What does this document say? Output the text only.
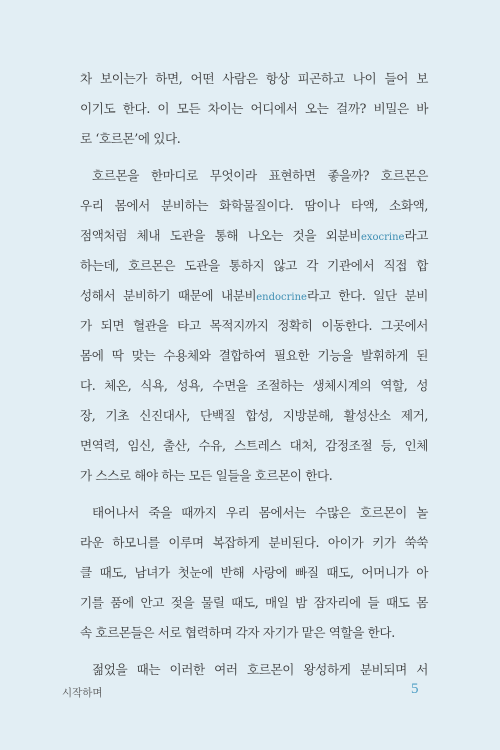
차 보이는가 하면, 어떤 사람은 항상 피곤하고 나이 들어 보
이기도 한다. 이 모든 차이는 어디에서 오는 걸까? 비밀은 바
로 ‘호르몬’에 있다.
호르몬을 한마디로 무엇이라 표현하면 좋을까? 호르몬은
우리 몸에서 분비하는 화학물질이다. 땀이나 타액, 소화액,
점액처럼 체내 도관을 통해 나오는 것을 외분비exocrine라고
하는데, 호르몬은 도관을 통하지 않고 각 기관에서 직접 합
성해서 분비하기 때문에 내분비endocrine라고 한다. 일단 분비
가 되면 혈관을 타고 목적지까지 정확히 이동한다. 그곳에서
몸에 딱 맞는 수용체와 결합하여 필요한 기능을 발휘하게 된
다. 체온, 식욕, 성욕, 수면을 조절하는 생체시계의 역할, 성
장, 기초 신진대사, 단백질 합성, 지방분해, 활성산소 제거,
면역력, 임신, 출산, 수유, 스트레스 대처, 감정조절 등, 인체
가 스스로 해야 하는 모든 일들을 호르몬이 한다.
태어나서 죽을 때까지 우리 몸에서는 수많은 호르몬이 놀
라운 하모니를 이루며 복잡하게 분비된다. 아이가 키가 쑥쑥
클 때도, 남녀가 첫눈에 반해 사랑에 빠질 때도, 어머니가 아
기를 품에 안고 젖을 물릴 때도, 매일 밤 잠자리에 들 때도 몸
속 호르몬들은 서로 협력하며 각자 자기가 맡은 역할을 한다.
젊었을 때는 이러한 여러 호르몬이 왕성하게 분비되며 서
시작하며	5
